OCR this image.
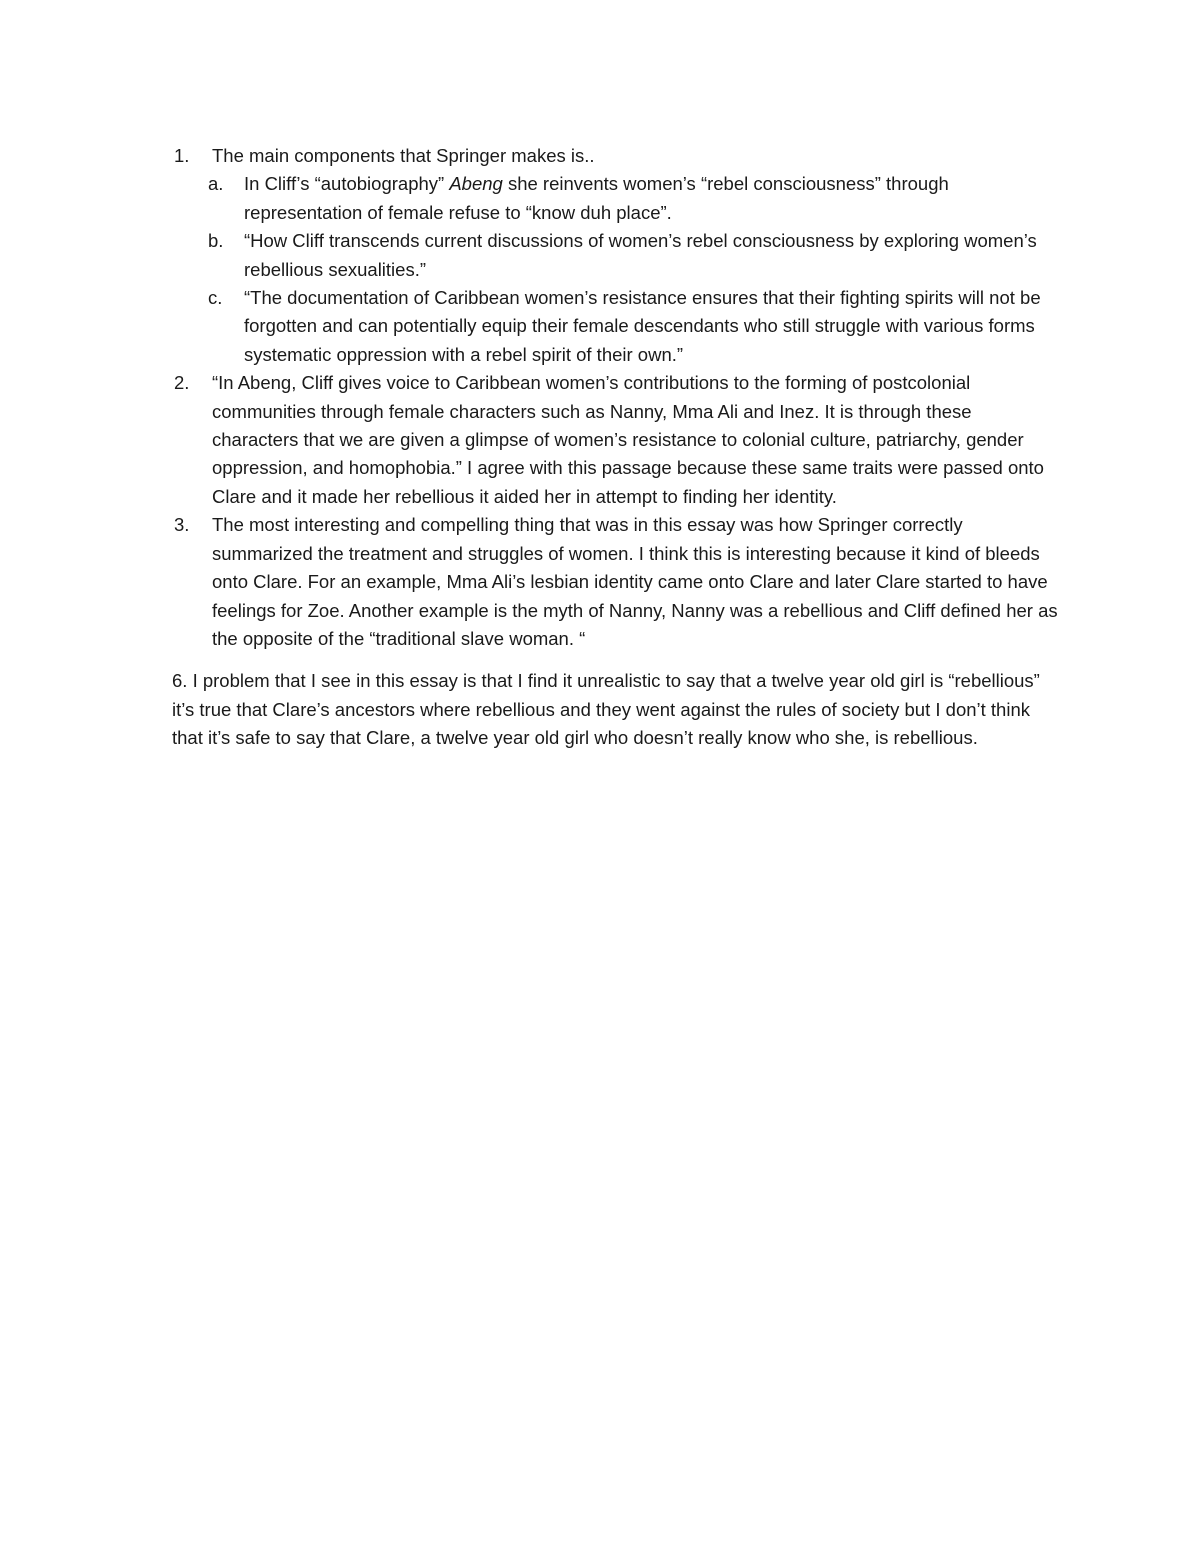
1. The main components that Springer makes is..
a. In Cliff’s “autobiography” Abeng she reinvents women’s “rebel consciousness” through representation of female refuse to “know duh place”.
b. “How Cliff transcends current discussions of women’s rebel consciousness by exploring women’s rebellious sexualities.”
c. “The documentation of Caribbean women’s resistance ensures that their fighting spirits will not be forgotten and can potentially equip their female descendants who still struggle with various forms systematic oppression with a rebel spirit of their own.”
2. “In Abeng, Cliff gives voice to Caribbean women’s contributions to the forming of postcolonial communities through female characters such as Nanny, Mma Ali and Inez. It is through these characters that we are given a glimpse of women’s resistance to colonial culture, patriarchy, gender oppression, and homophobia.” I agree with this passage because these same traits were passed onto Clare and it made her rebellious it aided her in attempt to finding her identity.
3. The most interesting and compelling thing that was in this essay was how Springer correctly summarized the treatment and struggles of women. I think this is interesting because it kind of bleeds onto Clare. For an example, Mma Ali’s lesbian identity came onto Clare and later Clare started to have feelings for Zoe. Another example is the myth of Nanny, Nanny was a rebellious and Cliff defined her as the opposite of the “traditional slave woman. “
6. I problem that I see in this essay is that I find it unrealistic to say that a twelve year old girl is “rebellious” it’s true that Clare’s ancestors where rebellious and they went against the rules of society but I don’t think that it’s safe to say that Clare, a twelve year old girl who doesn’t really know who she, is rebellious.
